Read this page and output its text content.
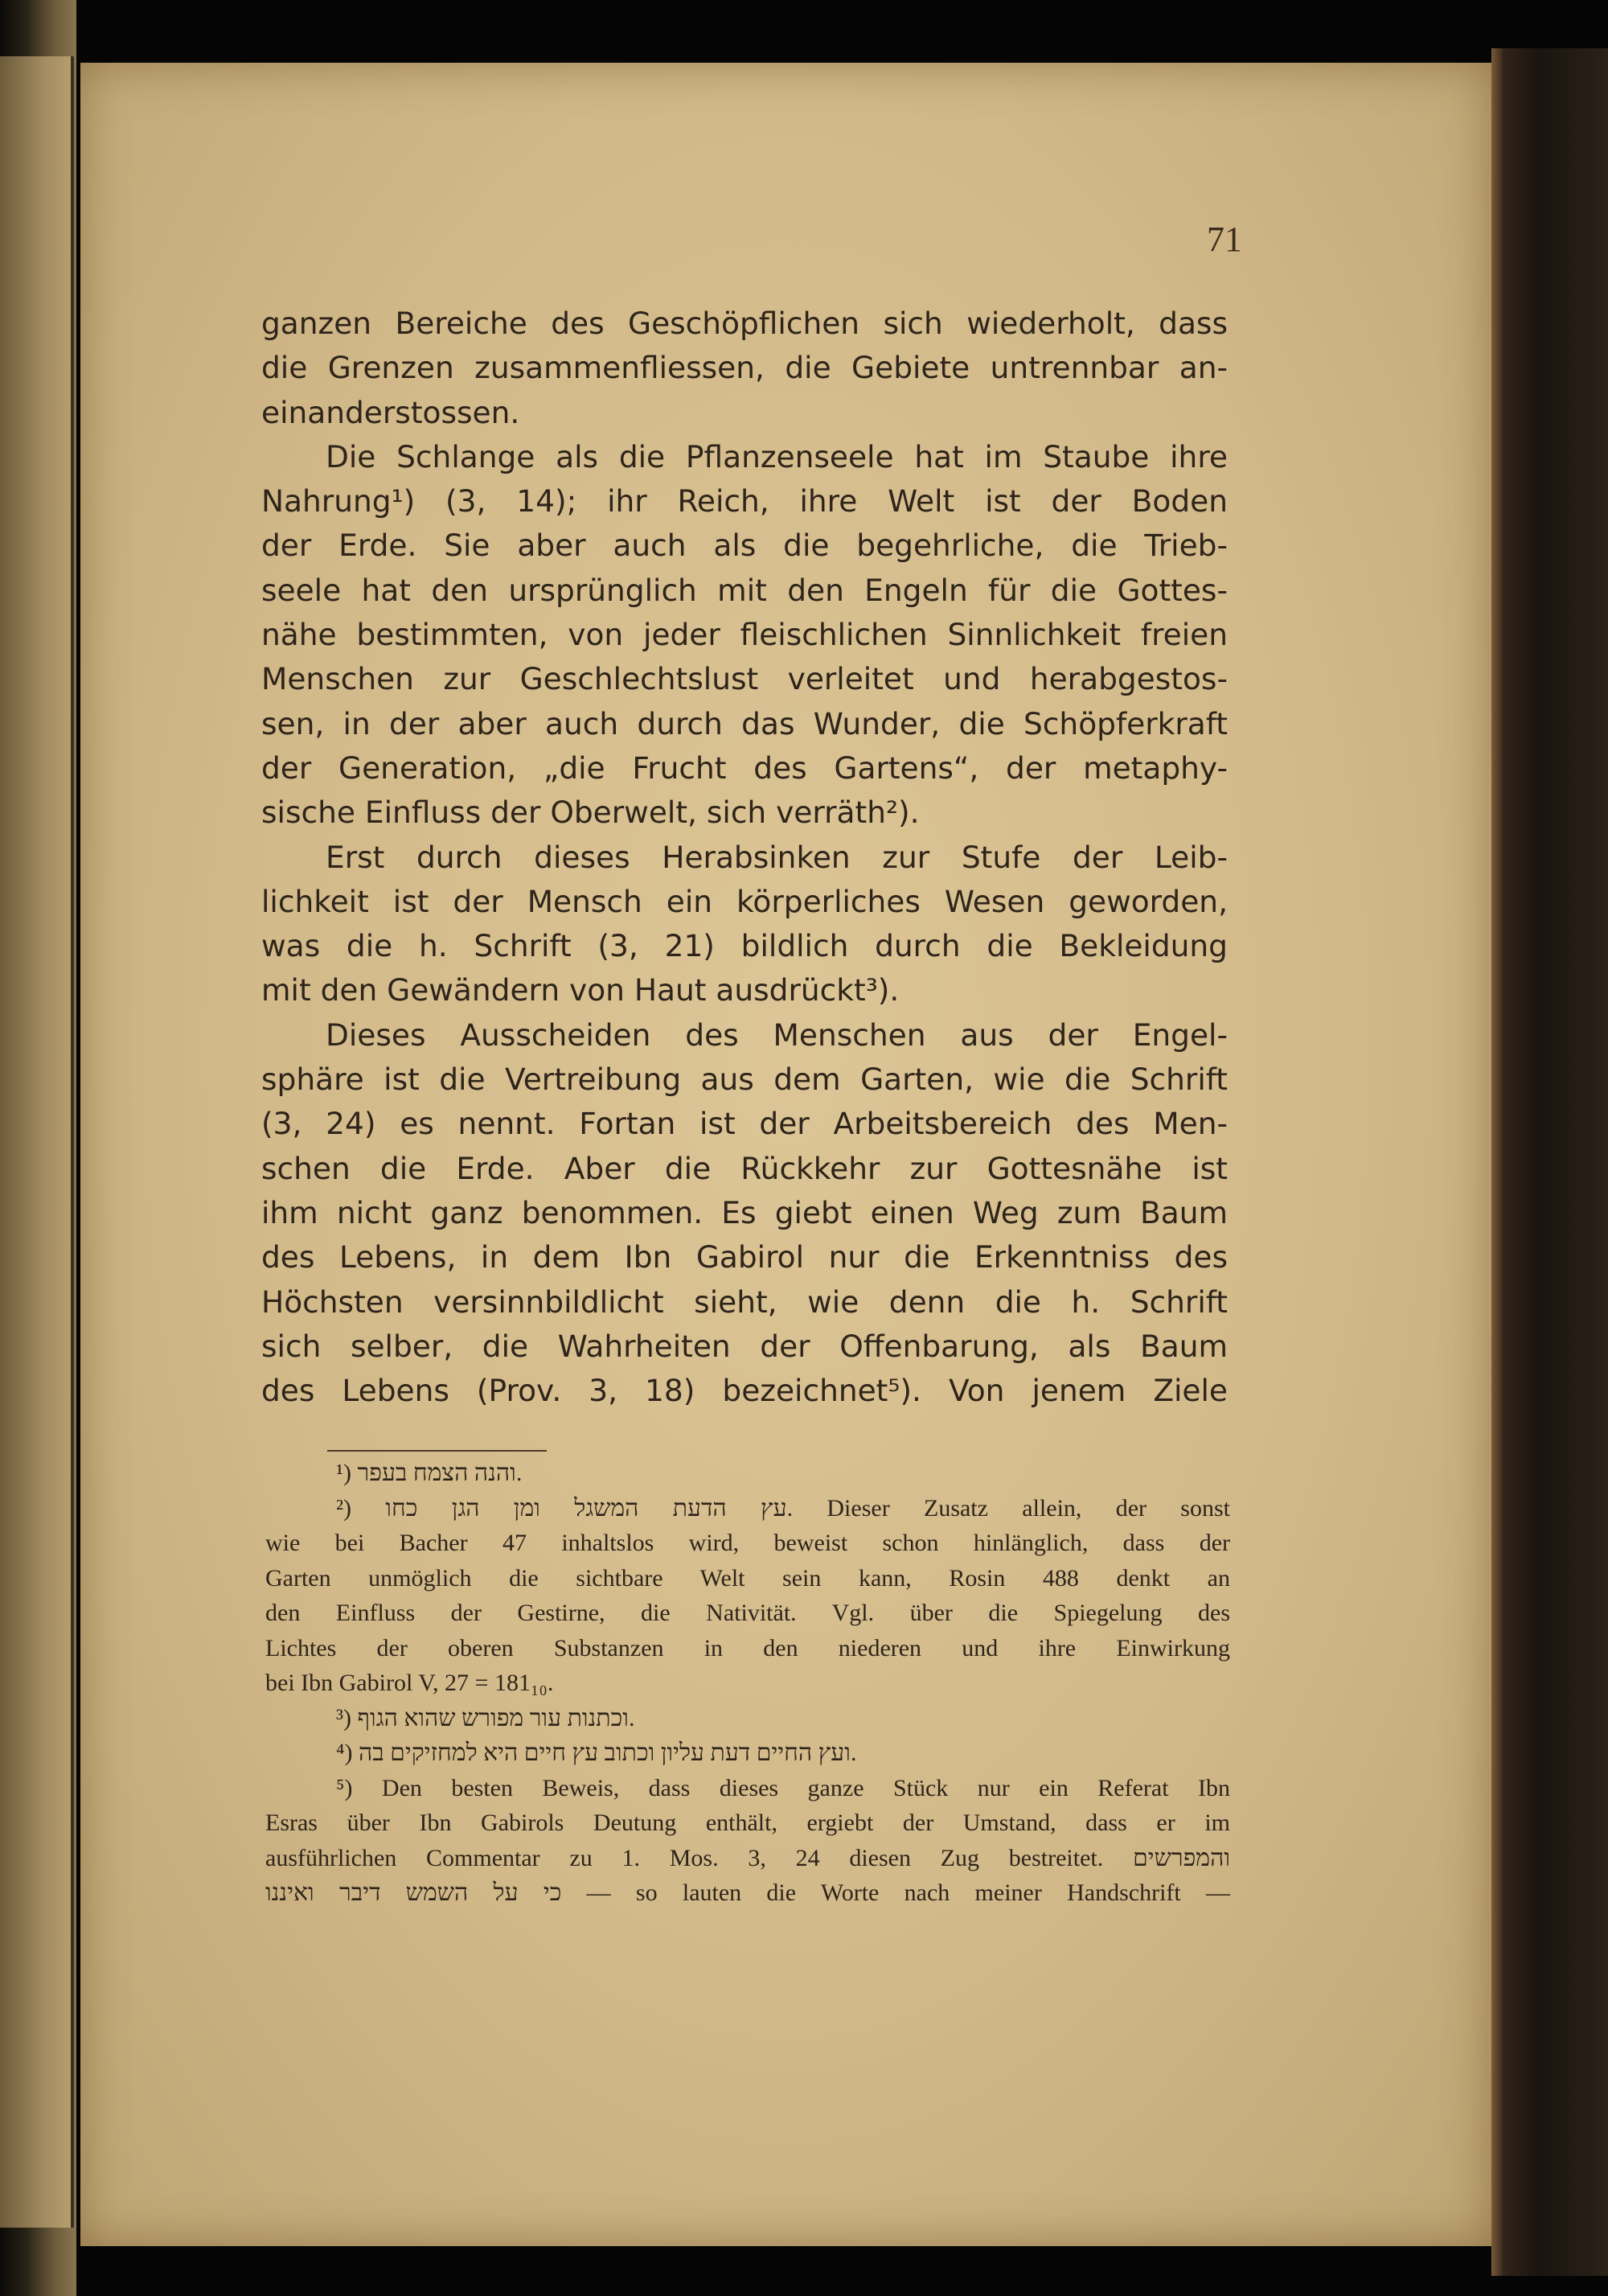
71
ganzen Bereiche des Geschöpflichen sich wiederholt, dass
die Grenzen zusammenfliessen, die Gebiete untrennbar an-
einanderstossen.
Die Schlange als die Pflanzenseele hat im Staube ihre
Nahrung¹) (3, 14); ihr Reich, ihre Welt ist der Boden
der Erde. Sie aber auch als die begehrliche, die Trieb-
seele hat den ursprünglich mit den Engeln für die Gottes-
nähe bestimmten, von jeder fleischlichen Sinnlichkeit freien
Menschen zur Geschlechtslust verleitet und herabgestos-
sen, in der aber auch durch das Wunder, die Schöpferkraft
der Generation, „die Frucht des Gartens“, der metaphy-
sische Einfluss der Oberwelt, sich verräth²).
Erst durch dieses Herabsinken zur Stufe der Leib-
lichkeit ist der Mensch ein körperliches Wesen geworden,
was die h. Schrift (3, 21) bildlich durch die Bekleidung
mit den Gewändern von Haut ausdrückt³).
Dieses Ausscheiden des Menschen aus der Engel-
sphäre ist die Vertreibung aus dem Garten, wie die Schrift
(3, 24) es nennt. Fortan ist der Arbeitsbereich des Men-
schen die Erde. Aber die Rückkehr zur Gottesnähe ist
ihm nicht ganz benommen. Es giebt einen Weg zum Baum
des Lebens, in dem Ibn Gabirol nur die Erkenntniss des
Höchsten versinnbildlicht sieht, wie denn die h. Schrift
sich selber, die Wahrheiten der Offenbarung, als Baum
des Lebens (Prov. 3, 18) bezeichnet⁵). Von jenem Ziele
¹) והנה הצמח בעפר.
²) עץ הדעת המשגל ומן הגן כחו. Dieser Zusatz allein, der sonst
wie bei Bacher 47 inhaltslos wird, beweist schon hinlänglich, dass der
Garten unmöglich die sichtbare Welt sein kann, Rosin 488 denkt an
den Einfluss der Gestirne, die Nativität. Vgl. über die Spiegelung des
Lichtes der oberen Substanzen in den niederen und ihre Einwirkung
bei Ibn Gabirol V, 27 = 181₁₀.
³) וכתנות עור מפורש שהוא הגוף.
⁴) ועץ החיים דעת עליון וכתוב עץ חיים היא למחזיקים בה.
⁵) Den besten Beweis, dass dieses ganze Stück nur ein Referat Ibn
Esras über Ibn Gabirols Deutung enthält, ergiebt der Umstand, dass er im
ausführlichen Commentar zu 1. Mos. 3, 24 diesen Zug bestreitet. והמפרשים
כי על השמש דיבר ואיננו — so lauten die Worte nach meiner Handschrift —
